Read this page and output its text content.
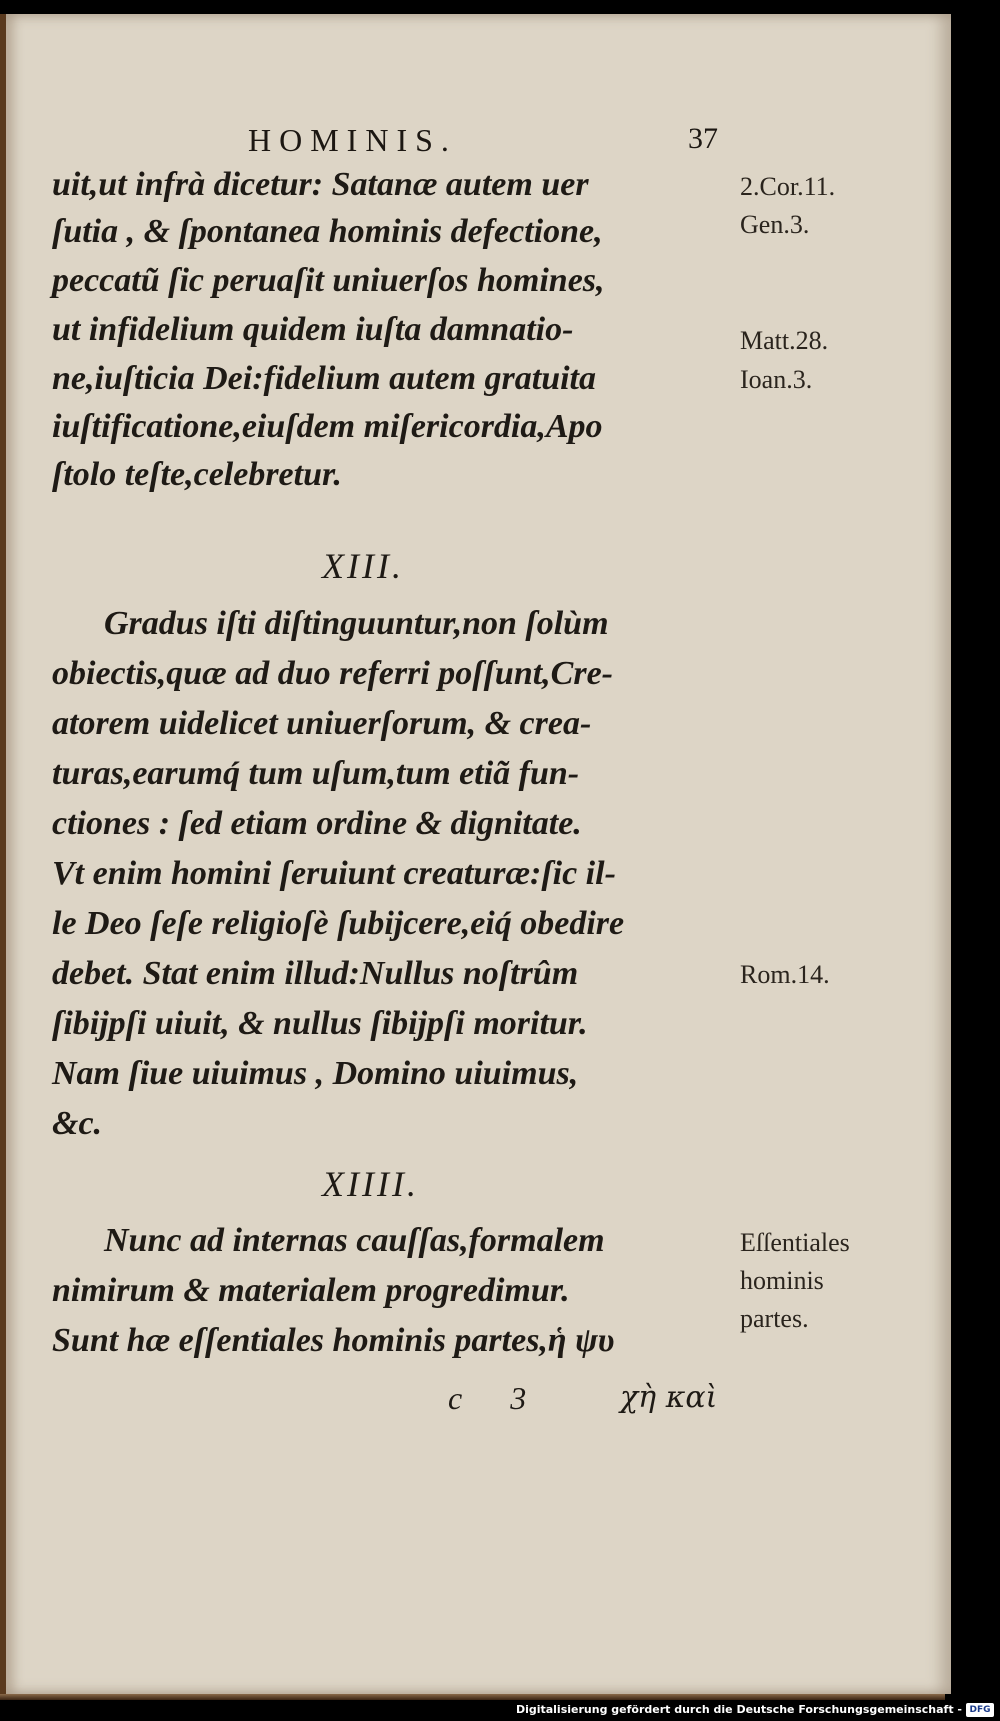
HOMINIS.	37

uit,ut infrà dicetur: Satanæ autem uer

ſutia , & ſpontanea hominis defectione,

peccatũ ſic peruaſit uniuerſos homines,

ut infidelium quidem iuſta damnatio-

ne,iuſticia Dei:fidelium autem gratuita

iuſtificatione,eiuſdem miſericordia,Apo

ſtolo teſte,celebretur.

XIII.

Gradus iſti diſtinguuntur,non ſolùm

obiectis,quæ ad duo referri poſſunt,Cre-

atorem uidelicet uniuerſorum, & crea-

turas,earumq́ tum uſum,tum etiã fun-

ctiones : ſed etiam ordine & dignitate.

Vt enim homini ſeruiunt creaturæ:ſic il-

le Deo ſeſe religioſè ſubijcere,eiq́ obedire

debet. Stat enim illud:Nullus noſtrûm

ſibijpſi uiuit, & nullus ſibijpſi moritur.

Nam ſiue uiuimus , Domino uiuimus,

&c.

XIIII.

Nunc ad internas cauſſas,formalem

nimirum & materialem progredimur.

Sunt hæ eſſentiales hominis partes,ἡ ψυ

c 3 χὴ καὶ
2.Cor.11.
Gen.3.
Matt.28.
Ioan.3.
Rom.14.
Eſſentiales
hominis
partes.
Digitalisierung gefördert durch die Deutsche Forschungsgemeinschaft - DFG
